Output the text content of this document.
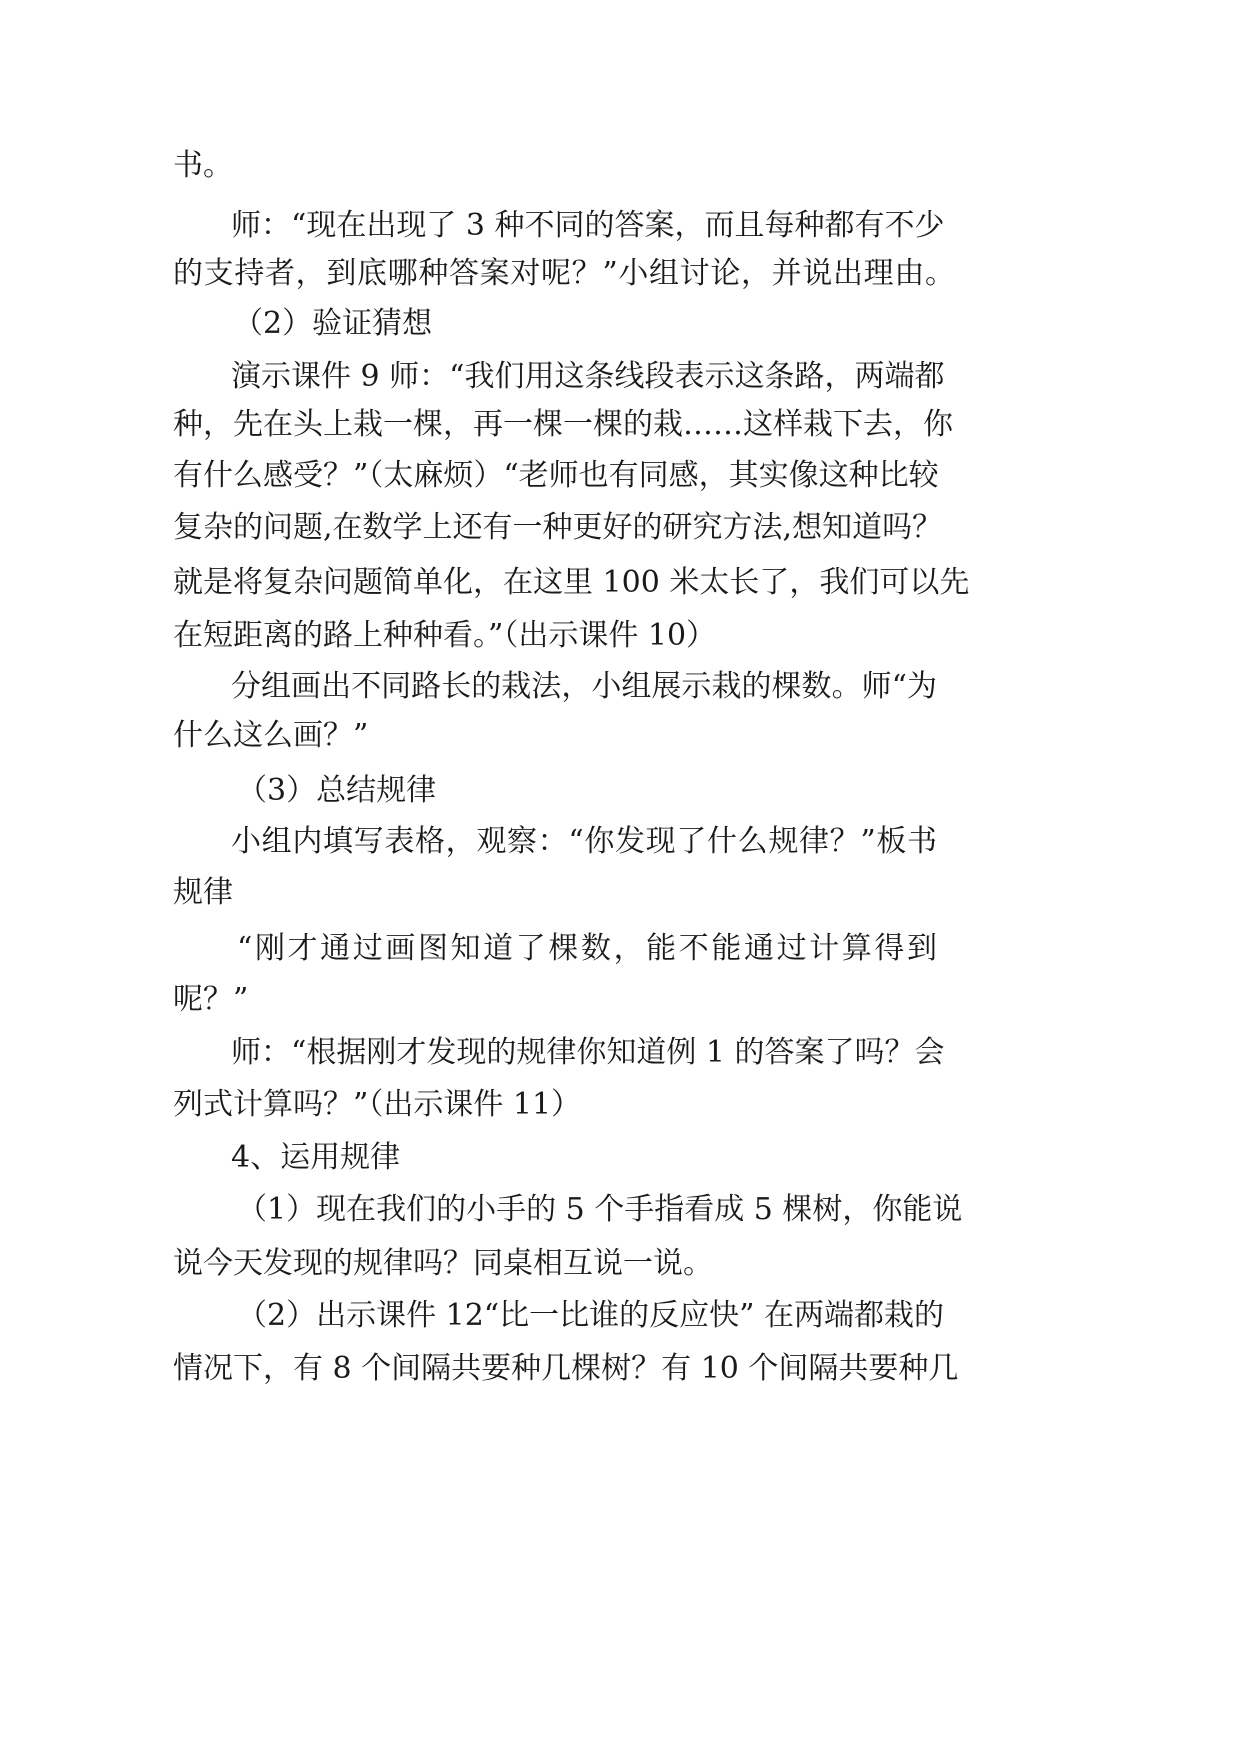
书。

师：“现在出现了 3 种不同的答案，而且每种都有不少

的支持者，到底哪种答案对呢？”小组讨论，并说出理由。

（2）验证猜想

演示课件 9 师：“我们用这条线段表示这条路，两端都

种，先在头上栽一棵，再一棵一棵的栽……这样栽下去，你

有什么感受？”（太麻烦）“老师也有同感，其实像这种比较

复杂的问题,在数学上还有一种更好的研究方法,想知道吗？

就是将复杂问题简单化，在这里 100 米太长了，我们可以先

在短距离的路上种种看。”（出示课件 10）

分组画出不同路长的栽法，小组展示栽的棵数。师“为

什么这么画？”

（3）总结规律

小组内填写表格，观察：“你发现了什么规律？”板书

规律

“刚才通过画图知道了棵数，能不能通过计算得到

呢？”

师：“根据刚才发现的规律你知道例 1 的答案了吗？会

列式计算吗？”（出示课件 11）

4、运用规律

（1）现在我们的小手的 5 个手指看成 5 棵树，你能说

说今天发现的规律吗？同桌相互说一说。

（2）出示课件 12“比一比谁的反应快” 在两端都栽的

情况下，有 8 个间隔共要种几棵树？有 10 个间隔共要种几
